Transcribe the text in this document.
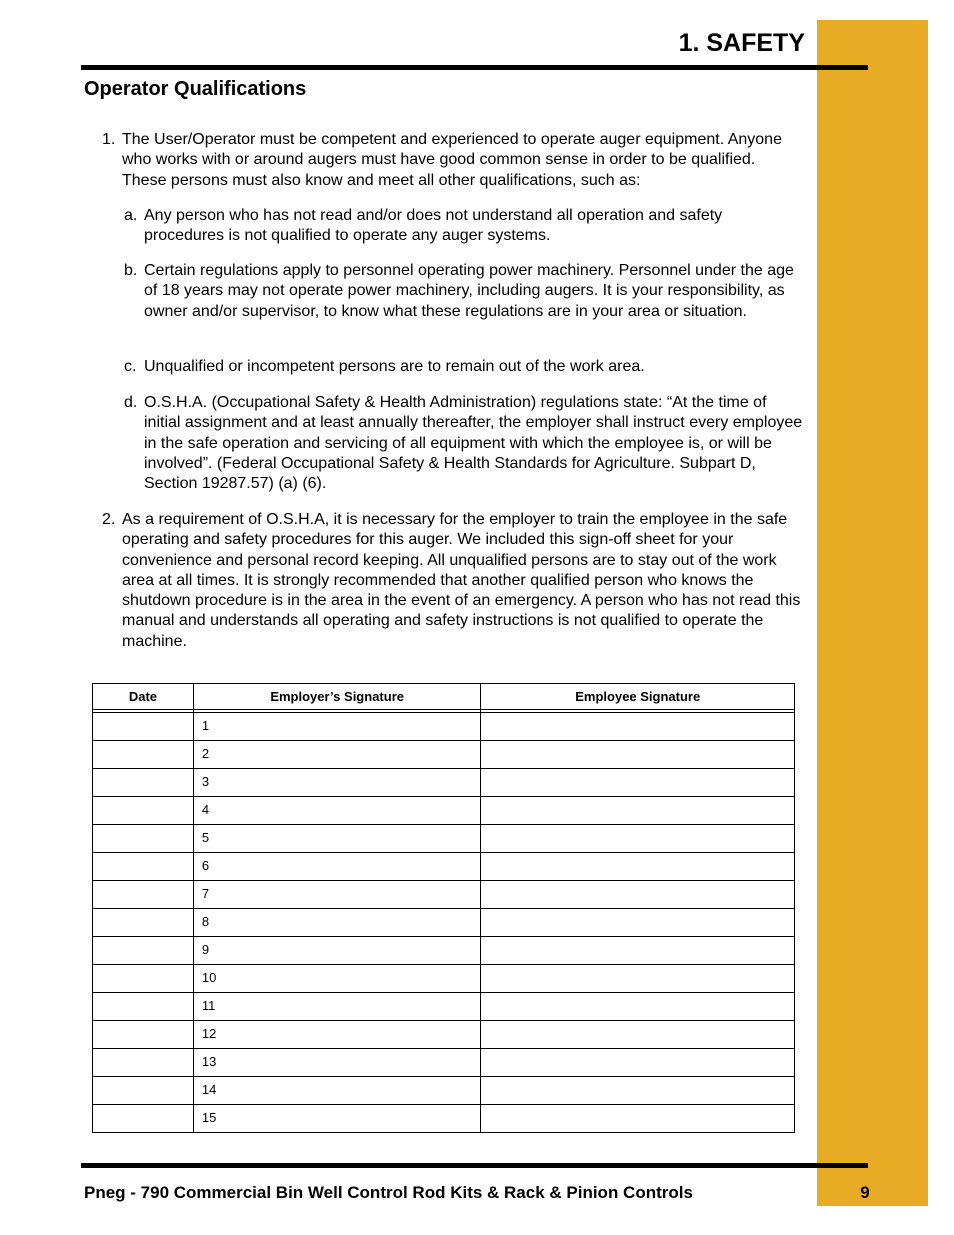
1. SAFETY
Operator Qualifications
1. The User/Operator must be competent and experienced to operate auger equipment. Anyone who works with or around augers must have good common sense in order to be qualified. These persons must also know and meet all other qualifications, such as:
a. Any person who has not read and/or does not understand all operation and safety procedures is not qualified to operate any auger systems.
b. Certain regulations apply to personnel operating power machinery. Personnel under the age of 18 years may not operate power machinery, including augers. It is your responsibility, as owner and/or supervisor, to know what these regulations are in your area or situation.
c. Unqualified or incompetent persons are to remain out of the work area.
d. O.S.H.A. (Occupational Safety & Health Administration) regulations state: “At the time of initial assignment and at least annually thereafter, the employer shall instruct every employee in the safe operation and servicing of all equipment with which the employee is, or will be involved”. (Federal Occupational Safety & Health Standards for Agriculture. Subpart D, Section 19287.57) (a) (6).
2. As a requirement of O.S.H.A, it is necessary for the employer to train the employee in the safe operating and safety procedures for this auger. We included this sign-off sheet for your convenience and personal record keeping. All unqualified persons are to stay out of the work area at all times. It is strongly recommended that another qualified person who knows the shutdown procedure is in the area in the event of an emergency. A person who has not read this manual and understands all operating and safety instructions is not qualified to operate the machine.
Date	Employer’s Signature	Employee Signature

	1	
	2	
	3	
	4	
	5	
	6	
	7	
	8	
	9	
	10	
	11	
	12	
	13	
	14	
	15	
Pneg - 790 Commercial Bin Well Control Rod Kits & Rack & Pinion Controls	9
